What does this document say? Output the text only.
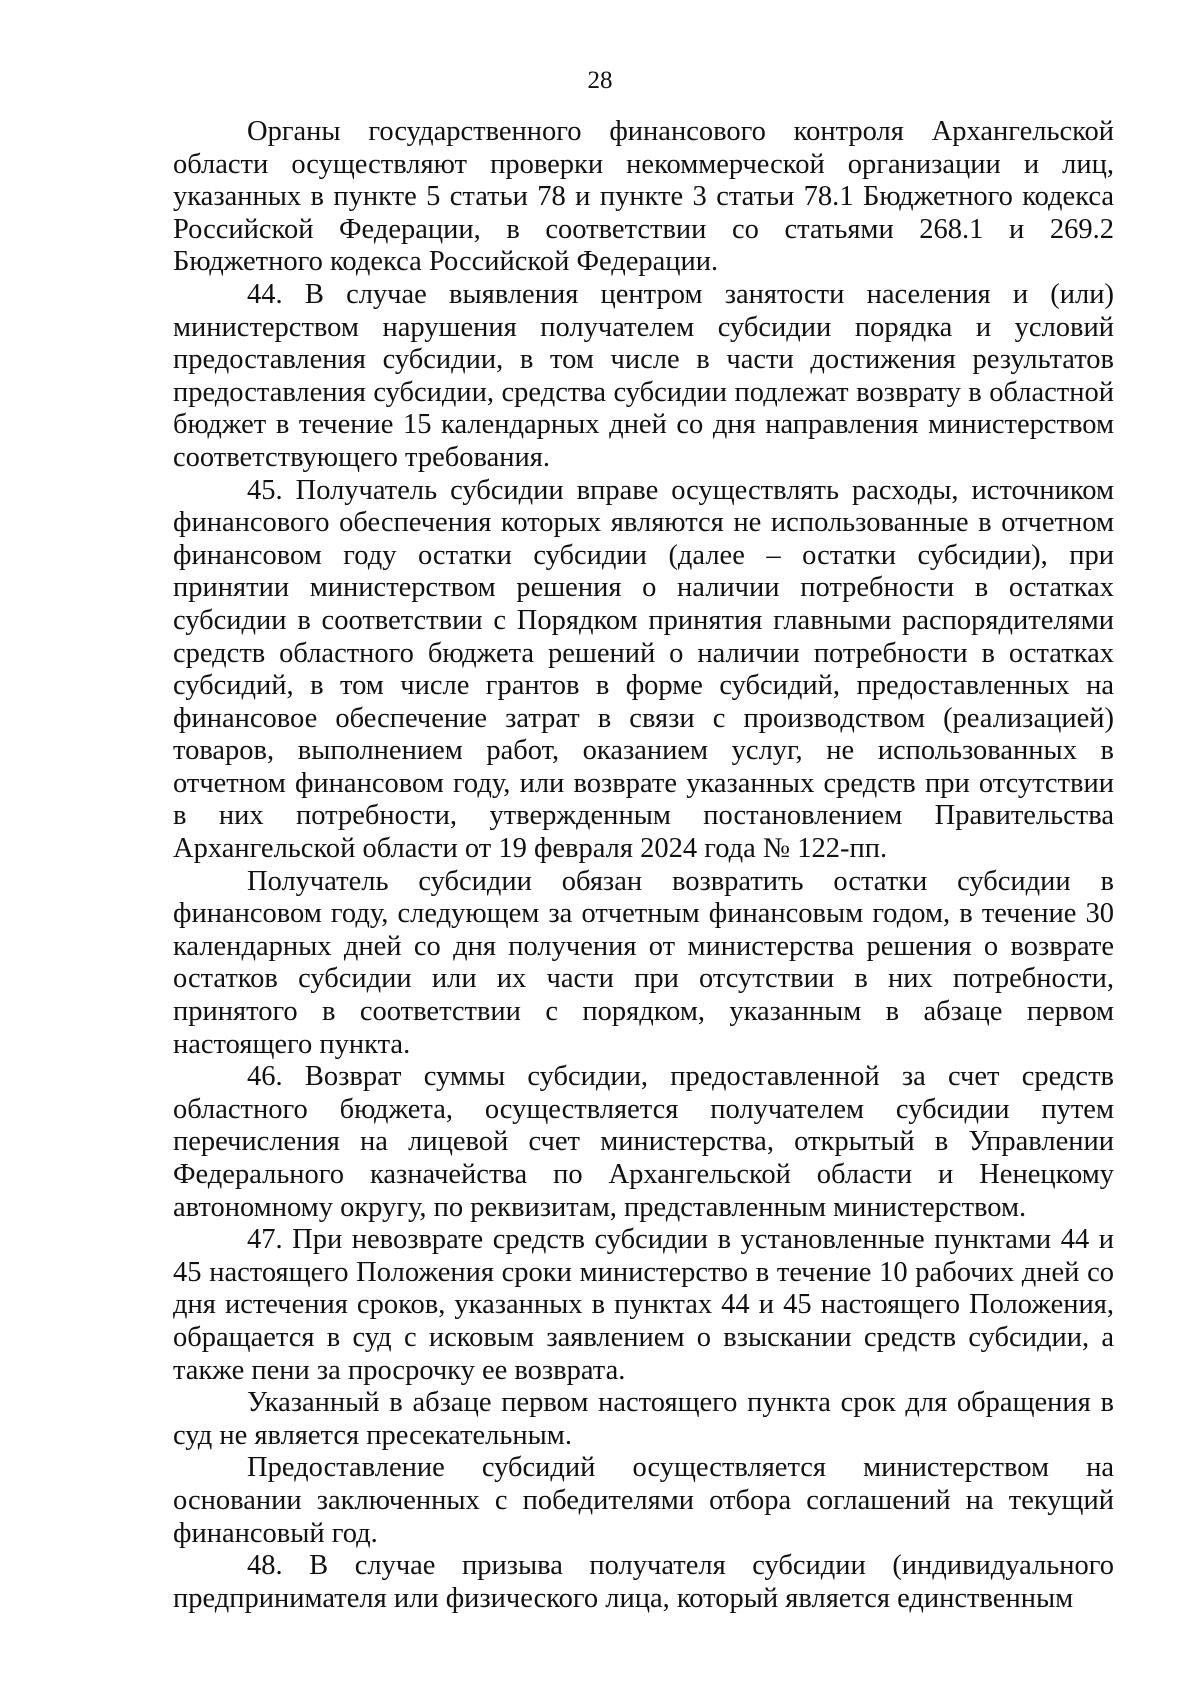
28

Органы государственного финансового контроля Архангельской области осуществляют проверки некоммерческой организации и лиц, указанных в пункте 5 статьи 78 и пункте 3 статьи 78.1 Бюджетного кодекса Российской Федерации, в соответствии со статьями 268.1 и 269.2 Бюджетного кодекса Российской Федерации.

44. В случае выявления центром занятости населения и (или) министерством нарушения получателем субсидии порядка и условий предоставления субсидии, в том числе в части достижения результатов предоставления субсидии, средства субсидии подлежат возврату в областной бюджет в течение 15 календарных дней со дня направления министерством соответствующего требования.

45. Получатель субсидии вправе осуществлять расходы, источником финансового обеспечения которых являются не использованные в отчетном финансовом году остатки субсидии (далее – остатки субсидии), при принятии министерством решения о наличии потребности в остатках субсидии в соответствии с Порядком принятия главными распорядителями средств областного бюджета решений о наличии потребности в остатках субсидий, в том числе грантов в форме субсидий, предоставленных на финансовое обеспечение затрат в связи с производством (реализацией) товаров, выполнением работ, оказанием услуг, не использованных в отчетном финансовом году, или возврате указанных средств при отсутствии в них потребности, утвержденным постановлением Правительства Архангельской области от 19 февраля 2024 года № 122-пп.

Получатель субсидии обязан возвратить остатки субсидии в финансовом году, следующем за отчетным финансовым годом, в течение 30 календарных дней со дня получения от министерства решения о возврате остатков субсидии или их части при отсутствии в них потребности, принятого в соответствии с порядком, указанным в абзаце первом настоящего пункта.

46. Возврат суммы субсидии, предоставленной за счет средств областного бюджета, осуществляется получателем субсидии путем перечисления на лицевой счет министерства, открытый в Управлении Федерального казначейства по Архангельской области и Ненецкому автономному округу, по реквизитам, представленным министерством.

47. При невозврате средств субсидии в установленные пунктами 44 и 45 настоящего Положения сроки министерство в течение 10 рабочих дней со дня истечения сроков, указанных в пунктах 44 и 45 настоящего Положения, обращается в суд с исковым заявлением о взыскании средств субсидии, а также пени за просрочку ее возврата.

Указанный в абзаце первом настоящего пункта срок для обращения в суд не является пресекательным.

Предоставление субсидий осуществляется министерством на основании заключенных с победителями отбора соглашений на текущий финансовый год.

48. В случае призыва получателя субсидии (индивидуального предпринимателя или физического лица, который является единственным
